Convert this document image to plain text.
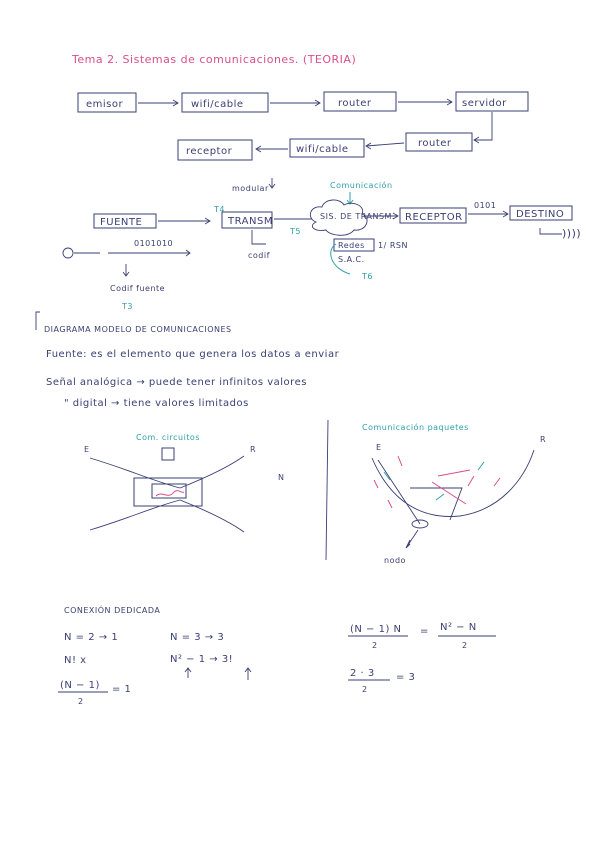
Tema 2. Sistemas de comunicaciones. (TEORIA)
emisor	wifi/cable	router	servidor
router
wifi/cable
receptor
modular	Comunicación
FUENTE
T4
TRANSM	SIS. DE TRANSM. RECEPTOR
0101
DESTINO
))))
T5
codif
0101010
Codif fuente
T3
Redes 1/ RSN
S.A.C.
T6
DIAGRAMA MODELO DE COMUNICACIONES
Fuente: es el elemento que genera los datos a enviar
Señal analógica → puede tener infinitos valores
" digital → tiene valores limitados
Com. circuitos
E	R
N
Comunicación paquetes
E
R
nodo
CONEXIÓN DEDICADA
N = 2 → 1	N = 3 → 3
N! x	N² − 1 → 3!
(N − 1)
2
= 1
(N − 1) N
2
= N² − N
2
2 · 3
2
= 3
